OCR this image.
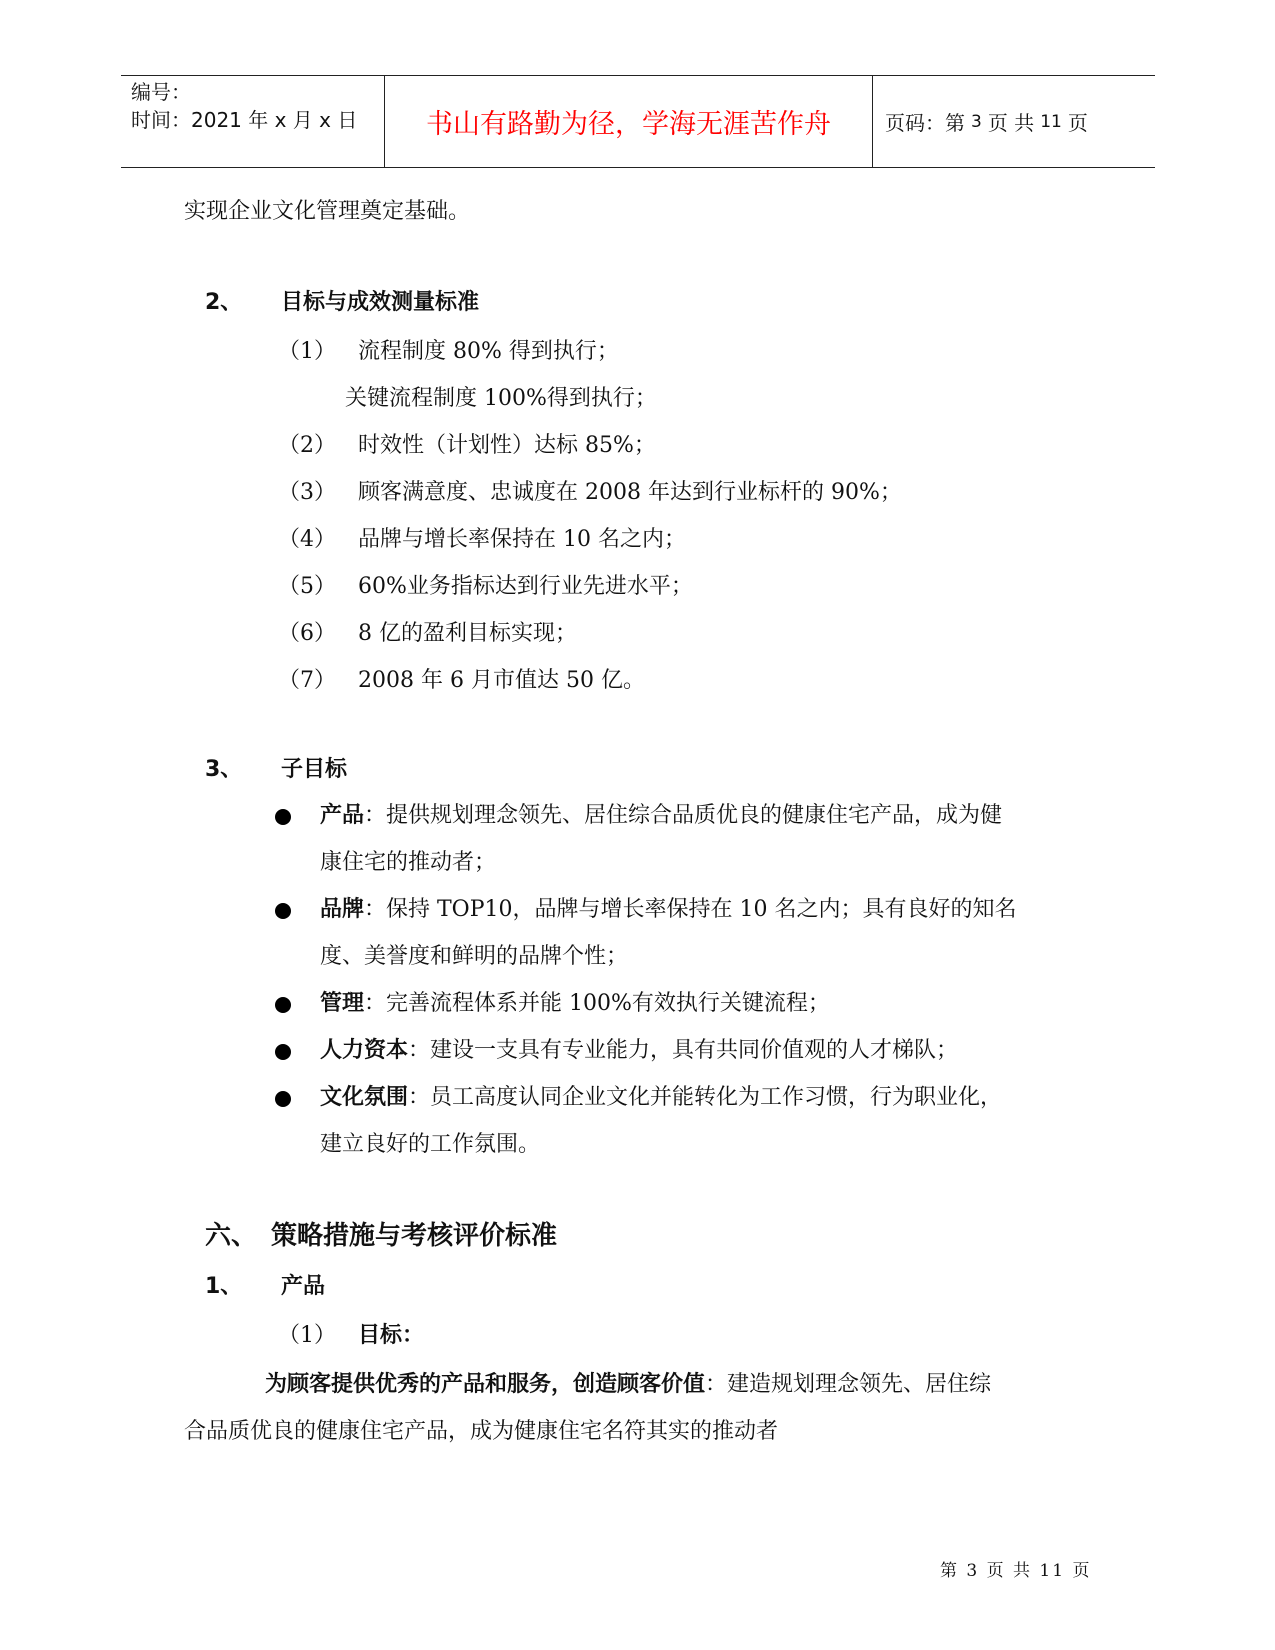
编号：
时间：2021 年 x 月 x 日	书山有路勤为径，学海无涯苦作舟	页码：第 3 页 共 11 页
实现企业文化管理奠定基础。
2、 目标与成效测量标准
（1） 流程制度 80% 得到执行；
关键流程制度 100%得到执行；
（2） 时效性（计划性）达标 85%；
（3） 顾客满意度、忠诚度在 2008 年达到行业标杆的 90%；
（4） 品牌与增长率保持在 10 名之内；
（5） 60%业务指标达到行业先进水平；
（6） 8 亿的盈利目标实现；
（7） 2008 年 6 月市值达 50 亿。
3、 子目标
产品：提供规划理念领先、居住综合品质优良的健康住宅产品，成为健
康住宅的推动者；
品牌：保持 TOP10，品牌与增长率保持在 10 名之内；具有良好的知名
度、美誉度和鲜明的品牌个性；
管理：完善流程体系并能 100%有效执行关键流程；
人力资本：建设一支具有专业能力，具有共同价值观的人才梯队；
文化氛围：员工高度认同企业文化并能转化为工作习惯，行为职业化，
建立良好的工作氛围。
六、 策略措施与考核评价标准
1、 产品
（1） 目标：
为顾客提供优秀的产品和服务，创造顾客价值：建造规划理念领先、居住综
合品质优良的健康住宅产品，成为健康住宅名符其实的推动者
第 3 页 共 11 页
